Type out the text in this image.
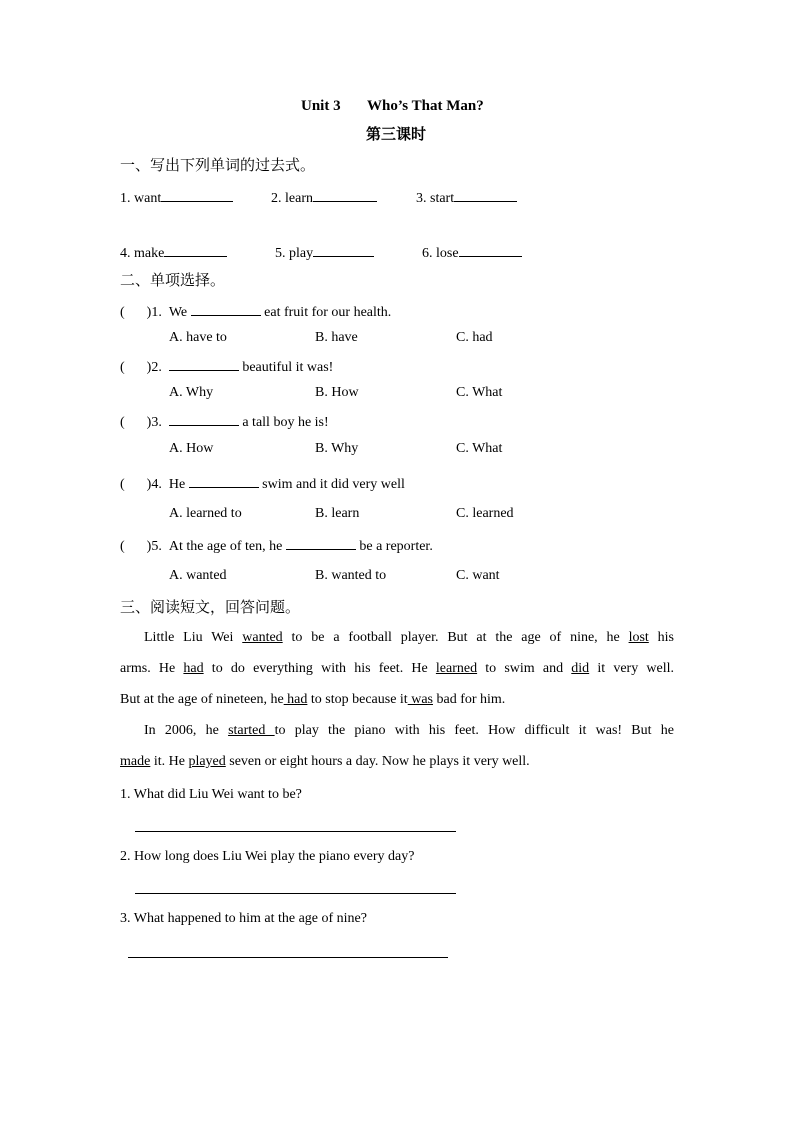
Unit 3 Who’s That Man?
第三课时
一、写出下列单词的过去式。
1. want	2. learn	3. start
4. make	5. play	6. lose
二、单项选择。
( )1. We	eat fruit for our health.
A. have to	B. have	C. had
( )2.	beautiful it was!
A. Why	B. How	C. What
( )3.	a tall boy he is!
A. How	B. Why	C. What
( )4. He	swim and it did very well
A. learned to	B. learn	C. learned
( )5. At the age of ten, he	be a reporter.
A. wanted	B. wanted to	C. want
三、阅读短文，回答问题。
Little Liu Wei wanted to be a football player. But at the age of nine, he lost his
arms. He had to do everything with his feet. He learned to swim and did it very well.
But at the age of nineteen, he had to stop because it was bad for him.
In 2006, he started to play the piano with his feet. How difficult it was! But he
made it. He played seven or eight hours a day. Now he plays it very well.
1. What did Liu Wei want to be?
2. How long does Liu Wei play the piano every day?
3. What happened to him at the age of nine?
